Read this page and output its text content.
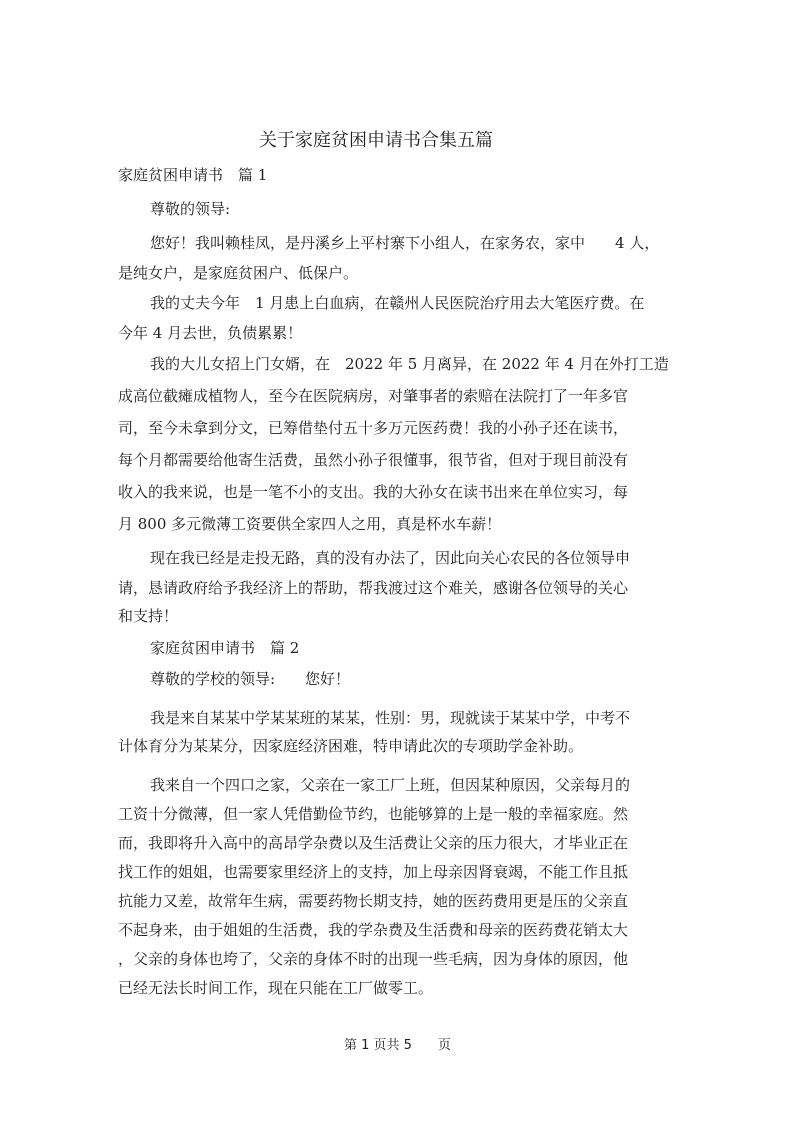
关于家庭贫困申请书合集五篇
家庭贫困申请书　篇 1
尊敬的领导:
您好！我叫赖桂凤，是丹溪乡上平村寨下小组人，在家务农，家中　　4 人，
是纯女户，是家庭贫困户、低保户。
我的丈夫今年　1 月患上白血病，在赣州人民医院治疗用去大笔医疗费。在
今年 4 月去世，负债累累！
我的大儿女招上门女婿，在　2022 年 5 月离异，在 2022 年 4 月在外打工造
成高位截瘫成植物人，至今在医院病房，对肇事者的索赔在法院打了一年多官
司，至今未拿到分文，已筹借垫付五十多万元医药费！我的小孙子还在读书，
每个月都需要给他寄生活费，虽然小孙子很懂事，很节省，但对于现目前没有
收入的我来说，也是一笔不小的支出。我的大孙女在读书出来在单位实习，每
月 800 多元微薄工资要供全家四人之用，真是杯水车薪！
现在我已经是走投无路，真的没有办法了，因此向关心农民的各位领导申
请，恳请政府给予我经济上的帮助，帮我渡过这个难关，感谢各位领导的关心
和支持！
家庭贫困申请书　篇 2
尊敬的学校的领导:　　您好！
我是来自某某中学某某班的某某，性别：男，现就读于某某中学，中考不
计体育分为某某分，因家庭经济困难，特申请此次的专项助学金补助。
我来自一个四口之家，父亲在一家工厂上班，但因某种原因，父亲每月的
工资十分微薄，但一家人凭借勤俭节约，也能够算的上是一般的幸福家庭。然
而，我即将升入高中的高昂学杂费以及生活费让父亲的压力很大，才毕业正在
找工作的姐姐，也需要家里经济上的支持，加上母亲因肾衰竭，不能工作且抵
抗能力又差，故常年生病，需要药物长期支持，她的医药费用更是压的父亲直
不起身来，由于姐姐的生活费，我的学杂费及生活费和母亲的医药费花销太大
，父亲的身体也垮了，父亲的身体不时的出现一些毛病，因为身体的原因，他
已经无法长时间工作，现在只能在工厂做零工。
第 1 页共 5　　页
